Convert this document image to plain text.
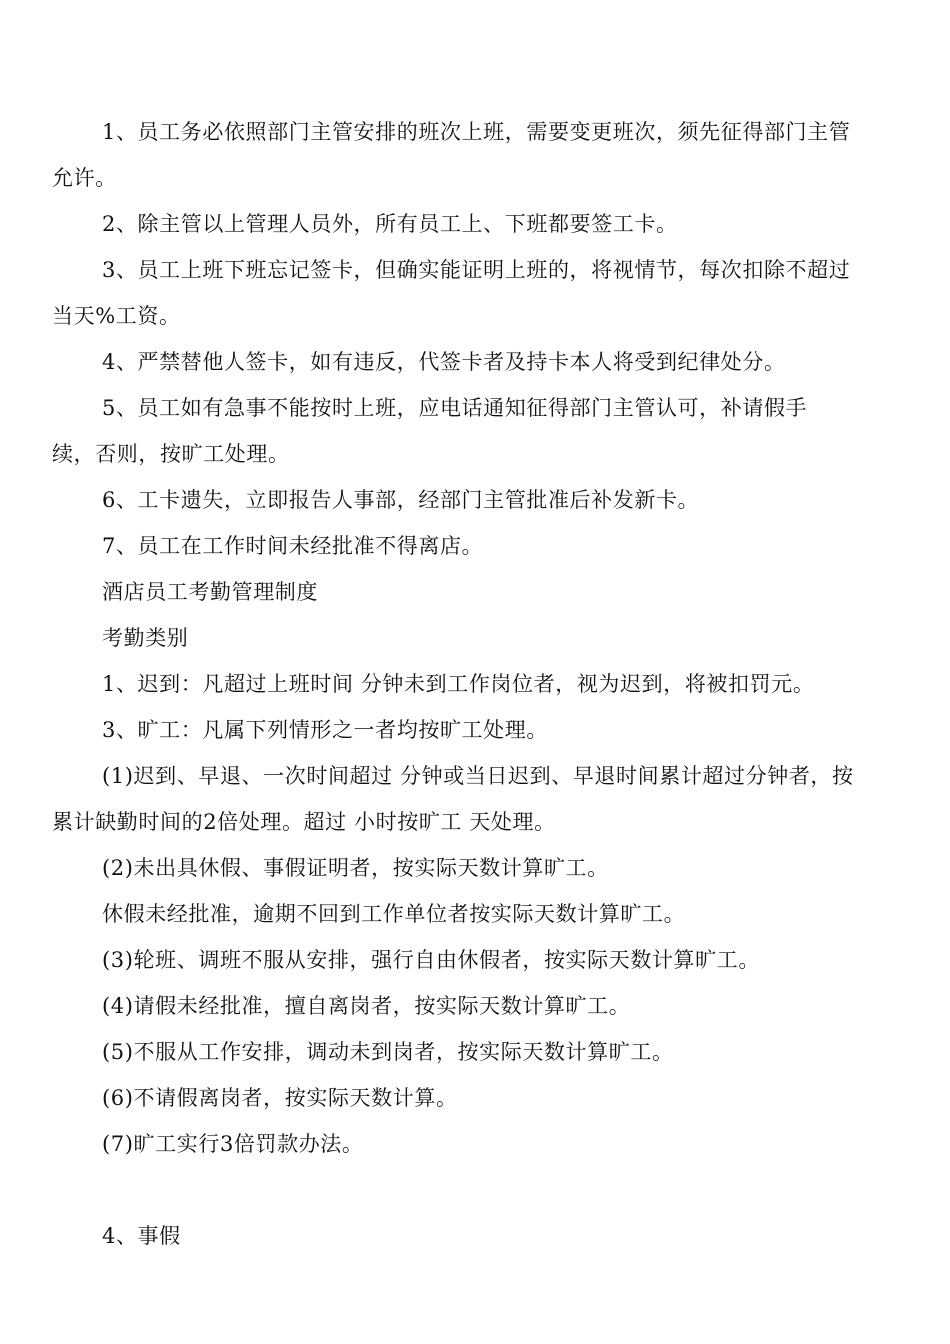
1、员工务必依照部门主管安排的班次上班，需要变更班次，须先征得部门主管
允许。
2、除主管以上管理人员外，所有员工上、下班都要签工卡。
3、员工上班下班忘记签卡，但确实能证明上班的，将视情节，每次扣除不超过
当天%工资。
4、严禁替他人签卡，如有违反，代签卡者及持卡本人将受到纪律处分。
5、员工如有急事不能按时上班，应电话通知征得部门主管认可，补请假手
续，否则，按旷工处理。
6、工卡遗失，立即报告人事部，经部门主管批准后补发新卡。
7、员工在工作时间未经批准不得离店。
酒店员工考勤管理制度
考勤类别
1、迟到：凡超过上班时间 分钟未到工作岗位者，视为迟到，将被扣罚元。
3、旷工：凡属下列情形之一者均按旷工处理。
(1)迟到、早退、一次时间超过 分钟或当日迟到、早退时间累计超过分钟者，按
累计缺勤时间的2倍处理。超过 小时按旷工 天处理。
(2)未出具休假、事假证明者，按实际天数计算旷工。
休假未经批准，逾期不回到工作单位者按实际天数计算旷工。
(3)轮班、调班不服从安排，强行自由休假者，按实际天数计算旷工。
(4)请假未经批准，擅自离岗者，按实际天数计算旷工。
(5)不服从工作安排，调动未到岗者，按实际天数计算旷工。
(6)不请假离岗者，按实际天数计算。
(7)旷工实行3倍罚款办法。
4、事假
